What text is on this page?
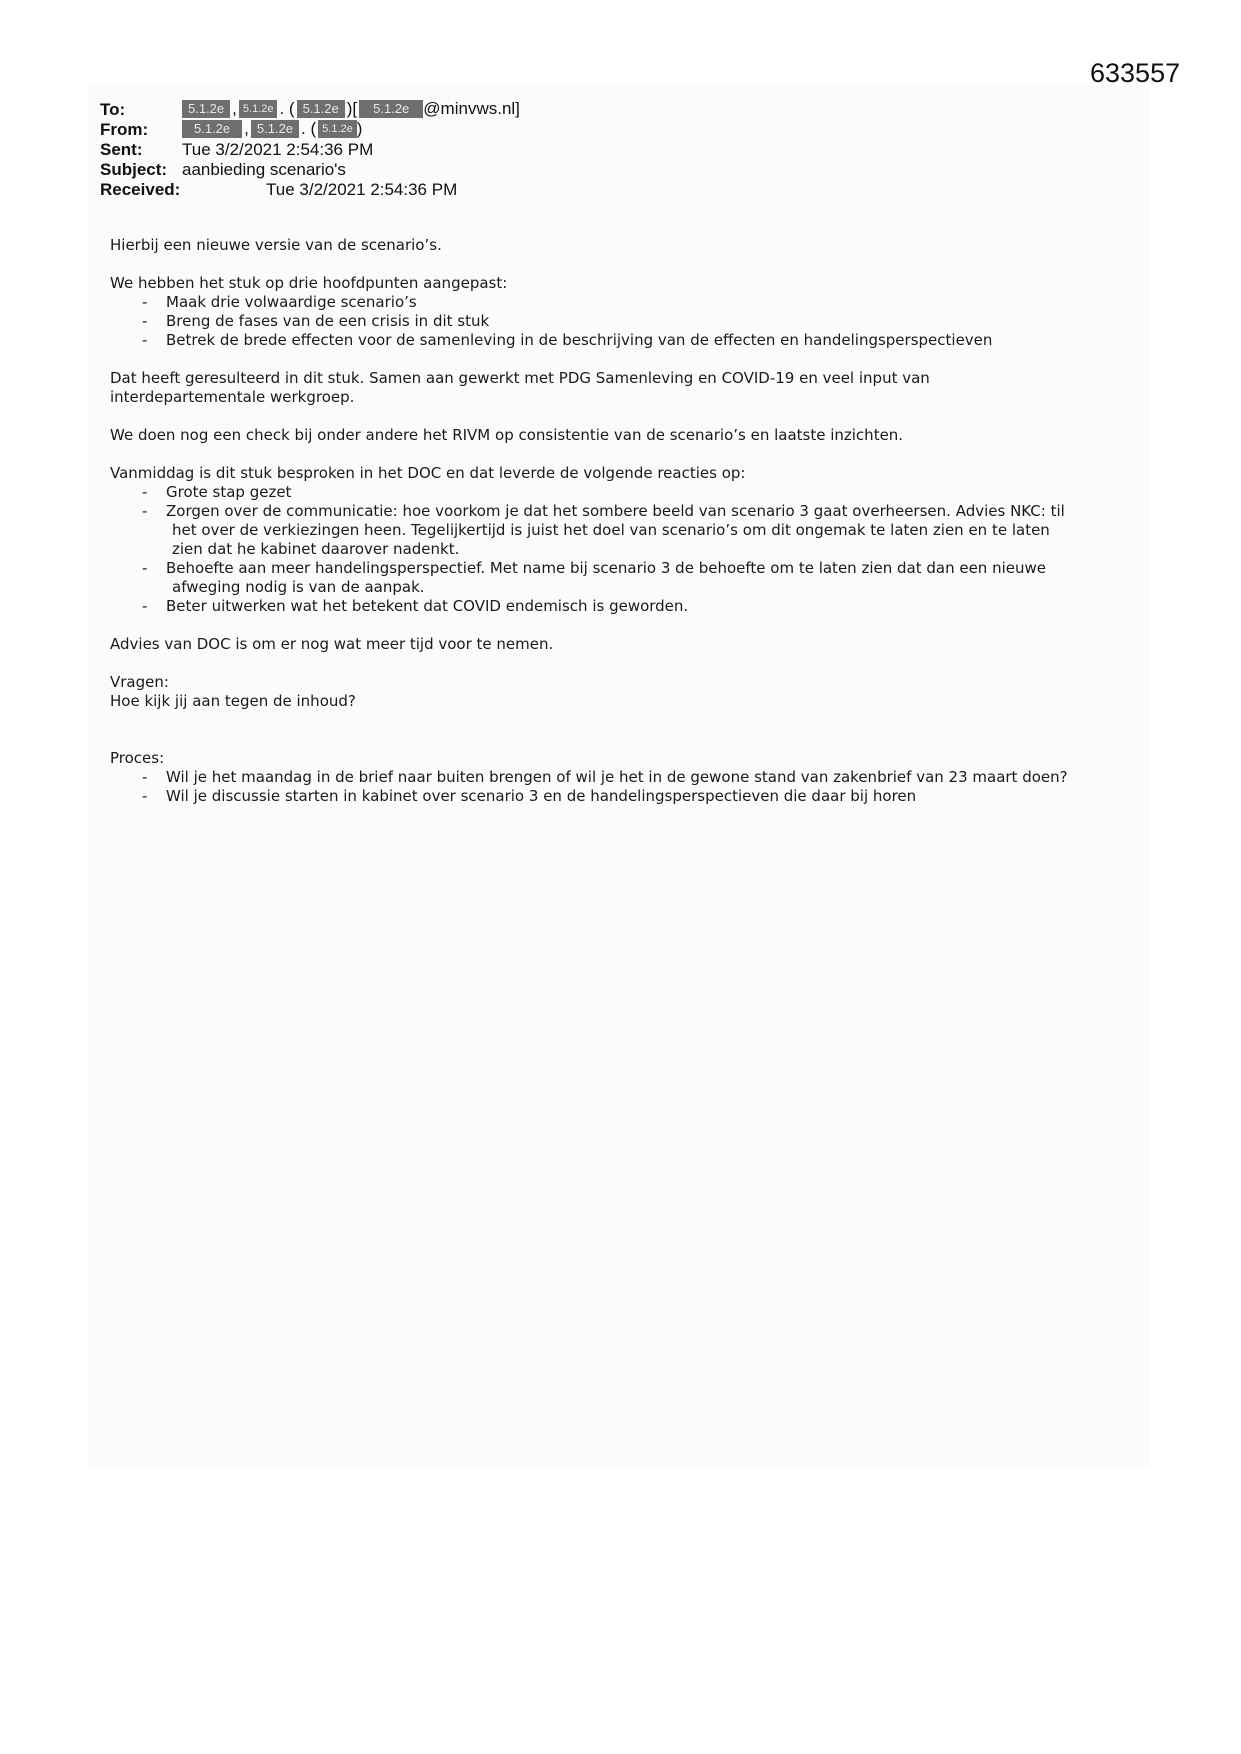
633557
To:
From:
Sent:
Subject:
Received:
5.1.2e , 5.1.2e . ( 5.1.2e )[ 5.1.2e @minvws.nl]
5.1.2e , 5.1.2e . ( 5.1.2e )
Tue 3/2/2021 2:54:36 PM
aanbieding scenario's
Tue 3/2/2021 2:54:36 PM

Hierbij een nieuwe versie van de scenario’s.

We hebben het stuk op drie hoofdpunten aangepast:

- Maak drie volwaardige scenario’s
- Breng de fases van de een crisis in dit stuk
- Betrek de brede effecten voor de samenleving in de beschrijving van de effecten en handelingsperspectieven

Dat heeft geresulteerd in dit stuk. Samen aan gewerkt met PDG Samenleving en COVID-19 en veel input van

interdepartementale werkgroep.

We doen nog een check bij onder andere het RIVM op consistentie van de scenario’s en laatste inzichten.

Vanmiddag is dit stuk besproken in het DOC en dat leverde de volgende reacties op:

- Grote stap gezet
- Zorgen over de communicatie: hoe voorkom je dat het sombere beeld van scenario 3 gaat overheersen. Advies NKC: til
het over de verkiezingen heen. Tegelijkertijd is juist het doel van scenario’s om dit ongemak te laten zien en te laten
zien dat he kabinet daarover nadenkt.
- Behoefte aan meer handelingsperspectief. Met name bij scenario 3 de behoefte om te laten zien dat dan een nieuwe
afweging nodig is van de aanpak.
- Beter uitwerken wat het betekent dat COVID endemisch is geworden.

Advies van DOC is om er nog wat meer tijd voor te nemen.

Vragen:

Hoe kijk jij aan tegen de inhoud?

Proces:

- Wil je het maandag in de brief naar buiten brengen of wil je het in de gewone stand van zakenbrief van 23 maart doen?
- Wil je discussie starten in kabinet over scenario 3 en de handelingsperspectieven die daar bij horen
